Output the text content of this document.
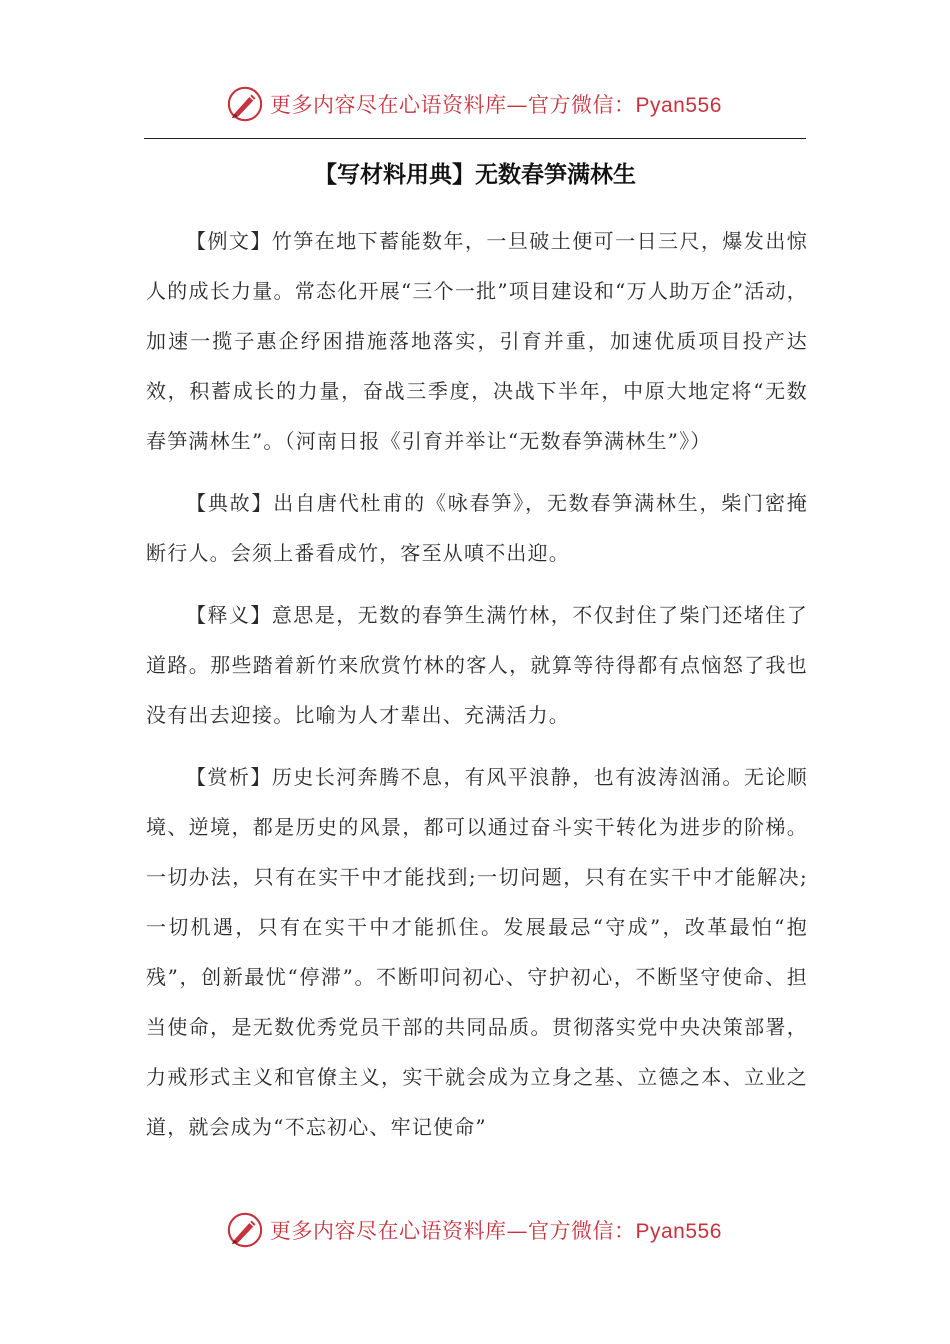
更多内容尽在心语资料库—官方微信：Pyan556
【写材料用典】无数春笋满林生

【例文】竹笋在地下蓄能数年，一旦破土便可一日三尺，爆发出惊人的成长力量。常态化开展“三个一批”项目建设和“万人助万企”活动，加速一揽子惠企纾困措施落地落实，引育并重，加速优质项目投产达效，积蓄成长的力量，奋战三季度，决战下半年，中原大地定将“无数春笋满林生”。（河南日报《引育并举让“无数春笋满林生”》）

【典故】出自唐代杜甫的《咏春笋》，无数春笋满林生，柴门密掩断行人。会须上番看成竹，客至从嗔不出迎。

【释义】意思是，无数的春笋生满竹林，不仅封住了柴门还堵住了道路。那些踏着新竹来欣赏竹林的客人，就算等待得都有点恼怒了我也没有出去迎接。比喻为人才辈出、充满活力。

【赏析】历史长河奔腾不息，有风平浪静，也有波涛汹涌。无论顺境、逆境，都是历史的风景，都可以通过奋斗实干转化为进步的阶梯。一切办法，只有在实干中才能找到;一切问题，只有在实干中才能解决;一切机遇，只有在实干中才能抓住。发展最忌“守成”，改革最怕“抱残”，创新最忧“停滞”。不断叩问初心、守护初心，不断坚守使命、担当使命，是无数优秀党员干部的共同品质。贯彻落实党中央决策部署，力戒形式主义和官僚主义，实干就会成为立身之基、立德之本、立业之道，就会成为“不忘初心、牢记使命”

更多内容尽在心语资料库—官方微信：Pyan556
